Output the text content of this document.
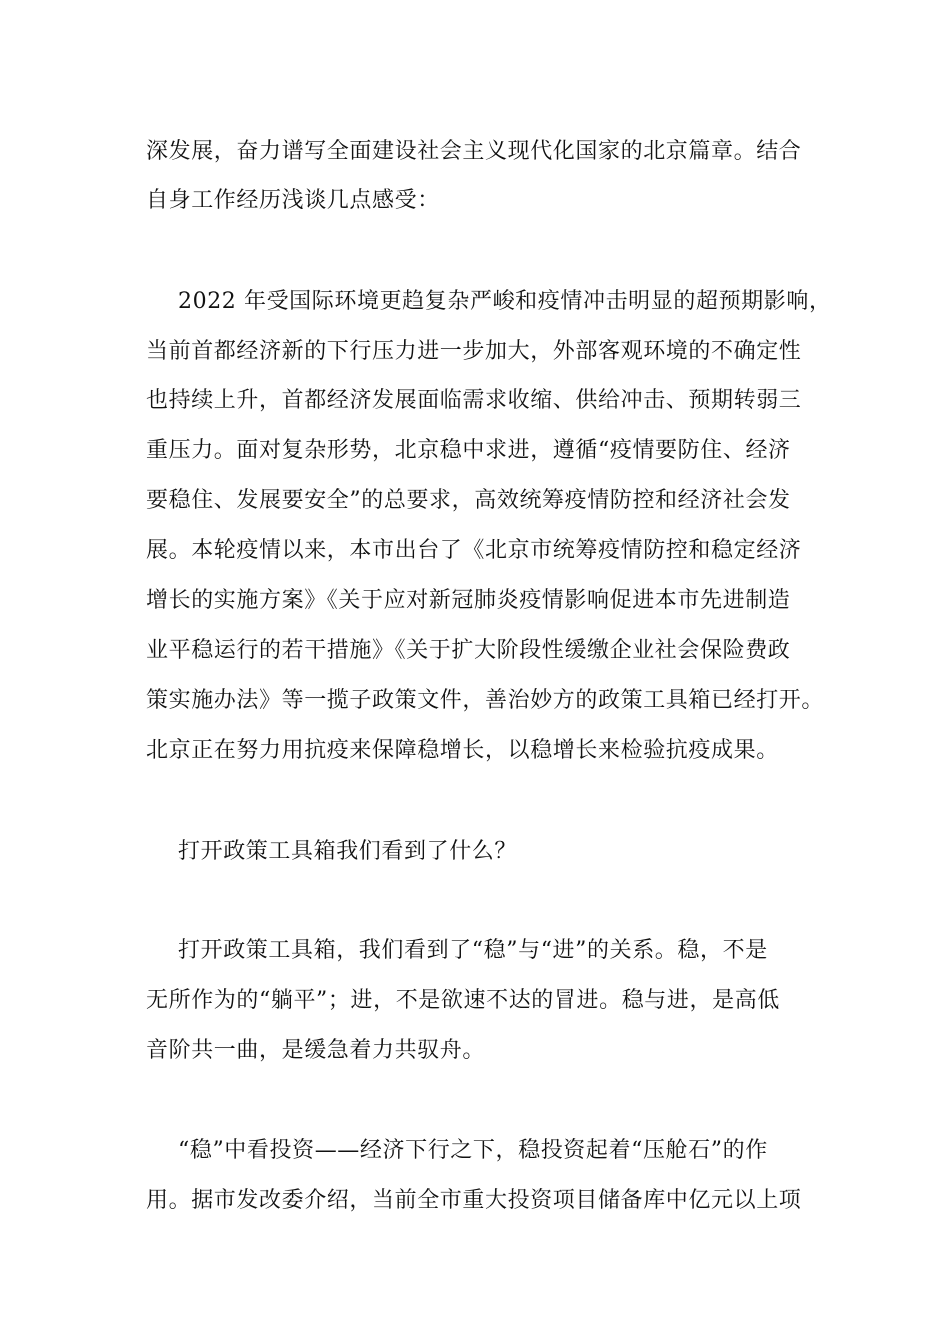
深发展，奋力谱写全面建设社会主义现代化国家的北京篇章。结合
自身工作经历浅谈几点感受：
2022 年受国际环境更趋复杂严峻和疫情冲击明显的超预期影响，
当前首都经济新的下行压力进一步加大，外部客观环境的不确定性
也持续上升，首都经济发展面临需求收缩、供给冲击、预期转弱三
重压力。面对复杂形势，北京稳中求进，遵循“疫情要防住、经济
要稳住、发展要安全”的总要求，高效统筹疫情防控和经济社会发
展。本轮疫情以来，本市出台了《北京市统筹疫情防控和稳定经济
增长的实施方案》《关于应对新冠肺炎疫情影响促进本市先进制造
业平稳运行的若干措施》《关于扩大阶段性缓缴企业社会保险费政
策实施办法》等一揽子政策文件，善治妙方的政策工具箱已经打开。
北京正在努力用抗疫来保障稳增长，以稳增长来检验抗疫成果。
打开政策工具箱我们看到了什么？
打开政策工具箱，我们看到了“稳”与“进”的关系。稳，不是
无所作为的“躺平”；进，不是欲速不达的冒进。稳与进，是高低
音阶共一曲，是缓急着力共驭舟。
“稳”中看投资——经济下行之下，稳投资起着“压舱石”的作
用。据市发改委介绍，当前全市重大投资项目储备库中亿元以上项
